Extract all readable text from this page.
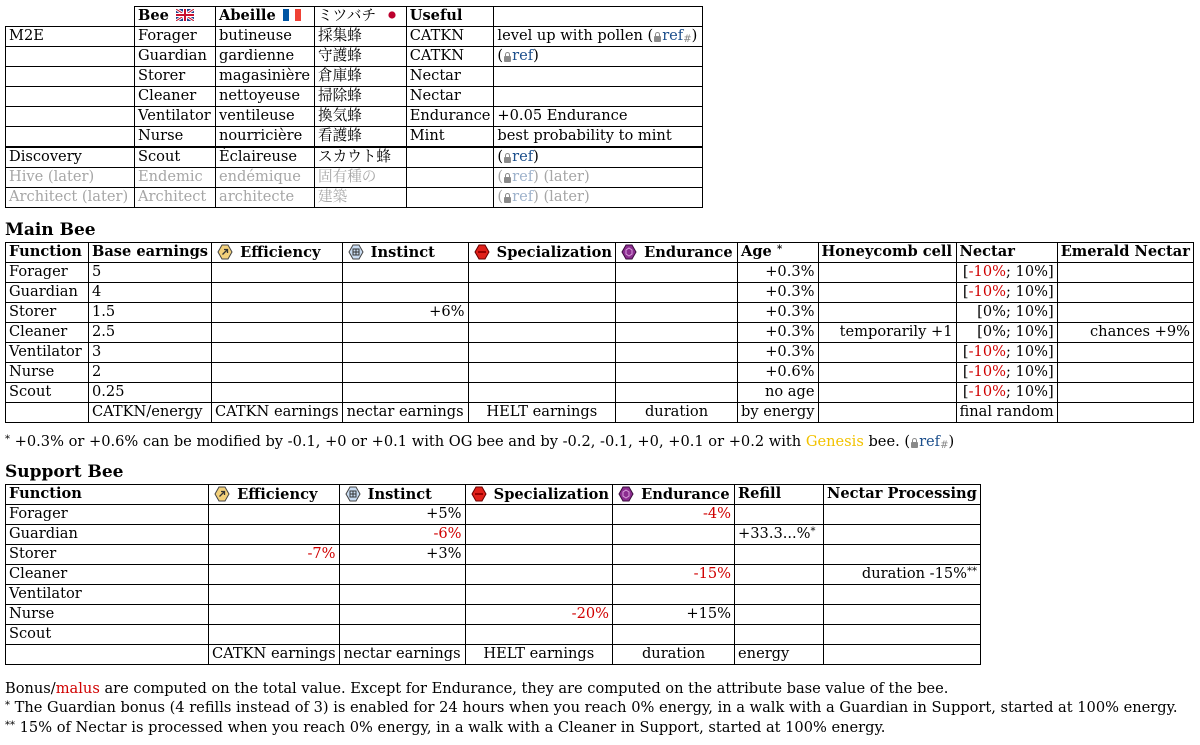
	Bee	Abeille	ミツバチ	Useful	
M2E	Forager	butineuse	採集蜂	CATKN	level up with pollen ( ref#)
	Guardian	gardienne	守護蜂	CATKN	( ref)
	Storer	magasinière	倉庫蜂	Nectar	
	Cleaner	nettoyeuse	掃除蜂	Nectar	
	Ventilator	ventileuse	換気蜂	Endurance	+0.05 Endurance
	Nurse	nourricière	看護蜂	Mint	best probability to mint
Discovery	Scout	Éclaireuse	スカウト蜂		( ref)
Hive (later)	Endemic	endémique	固有種の		( ref) (later)
Architect (later)	Architect	architecte	建築		( ref) (later)
Main Bee
Function	Base earnings	Efficiency	Instinct	Specialization	Endurance	Age *	Honeycomb cell	Nectar	Emerald Nectar
Forager	5					+0.3%		[-10%; 10%]	
Guardian	4					+0.3%		[-10%; 10%]	
Storer	1.5		+6%			+0.3%		[0%; 10%]	
Cleaner	2.5					+0.3%	temporarily +1	[0%; 10%]	chances +9%
Ventilator	3					+0.3%		[-10%; 10%]	
Nurse	2					+0.6%		[-10%; 10%]	
Scout	0.25					no age		[-10%; 10%]	
	CATKN/energy	CATKN earnings	nectar earnings	HELT earnings	duration	by energy		final random	
* +0.3% or +0.6% can be modified by -0.1, +0 or +0.1 with OG bee and by -0.2, -0.1, +0, +0.1 or +0.2 with Genesis bee. ( ref#)
Support Bee
Function	Efficiency	Instinct	Specialization	Endurance	Refill	Nectar Processing
Forager		+5%		-4%		
Guardian		-6%			+33.3...%*	
Storer	-7%	+3%				
Cleaner				-15%		duration -15%**
Ventilator						
Nurse			-20%	+15%		
Scout						
	CATKN earnings	nectar earnings	HELT earnings	duration	energy	
Bonus/malus are computed on the total value. Except for Endurance, they are computed on the attribute base value of the bee.
* The Guardian bonus (4 refills instead of 3) is enabled for 24 hours when you reach 0% energy, in a walk with a Guardian in Support, started at 100% energy.
** 15% of Nectar is processed when you reach 0% energy, in a walk with a Cleaner in Support, started at 100% energy.
